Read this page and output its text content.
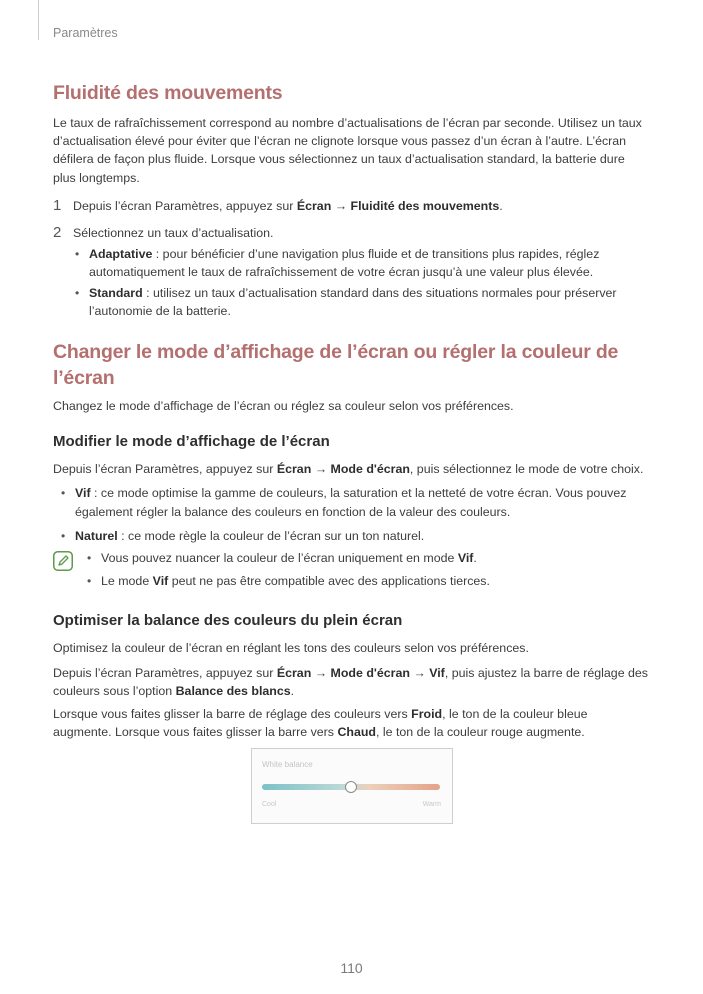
Paramètres
Fluidité des mouvements

Le taux de rafraîchissement correspond au nombre d’actualisations de l’écran par seconde. Utilisez un taux d’actualisation élevé pour éviter que l’écran ne clignote lorsque vous passez d’un écran à l’autre. L’écran défilera de façon plus fluide. Lorsque vous sélectionnez un taux d’actualisation standard, la batterie dure plus longtemps.

1 Depuis l’écran Paramètres, appuyez sur Écran → Fluidité des mouvements.

2 Sélectionnez un taux d’actualisation.

• Adaptative : pour bénéficier d’une navigation plus fluide et de transitions plus rapides, réglez automatiquement le taux de rafraîchissement de votre écran jusqu’à une valeur plus élevée.

• Standard : utilisez un taux d’actualisation standard dans des situations normales pour préserver l’autonomie de la batterie.

Changer le mode d’affichage de l’écran ou régler la couleur de l’écran

Changez le mode d’affichage de l’écran ou réglez sa couleur selon vos préférences.

Modifier le mode d’affichage de l’écran

Depuis l’écran Paramètres, appuyez sur Écran → Mode d'écran, puis sélectionnez le mode de votre choix.

• Vif : ce mode optimise la gamme de couleurs, la saturation et la netteté de votre écran. Vous pouvez également régler la balance des couleurs en fonction de la valeur des couleurs.

• Naturel : ce mode règle la couleur de l’écran sur un ton naturel.

• Vous pouvez nuancer la couleur de l’écran uniquement en mode Vif.

• Le mode Vif peut ne pas être compatible avec des applications tierces.

Optimiser la balance des couleurs du plein écran

Optimisez la couleur de l’écran en réglant les tons des couleurs selon vos préférences.

Depuis l’écran Paramètres, appuyez sur Écran → Mode d'écran → Vif, puis ajustez la barre de réglage des couleurs sous l’option Balance des blancs.

Lorsque vous faites glisser la barre de réglage des couleurs vers Froid, le ton de la couleur bleue augmente. Lorsque vous faites glisser la barre vers Chaud, le ton de la couleur rouge augmente.

White balance
Cool	Warm
110
